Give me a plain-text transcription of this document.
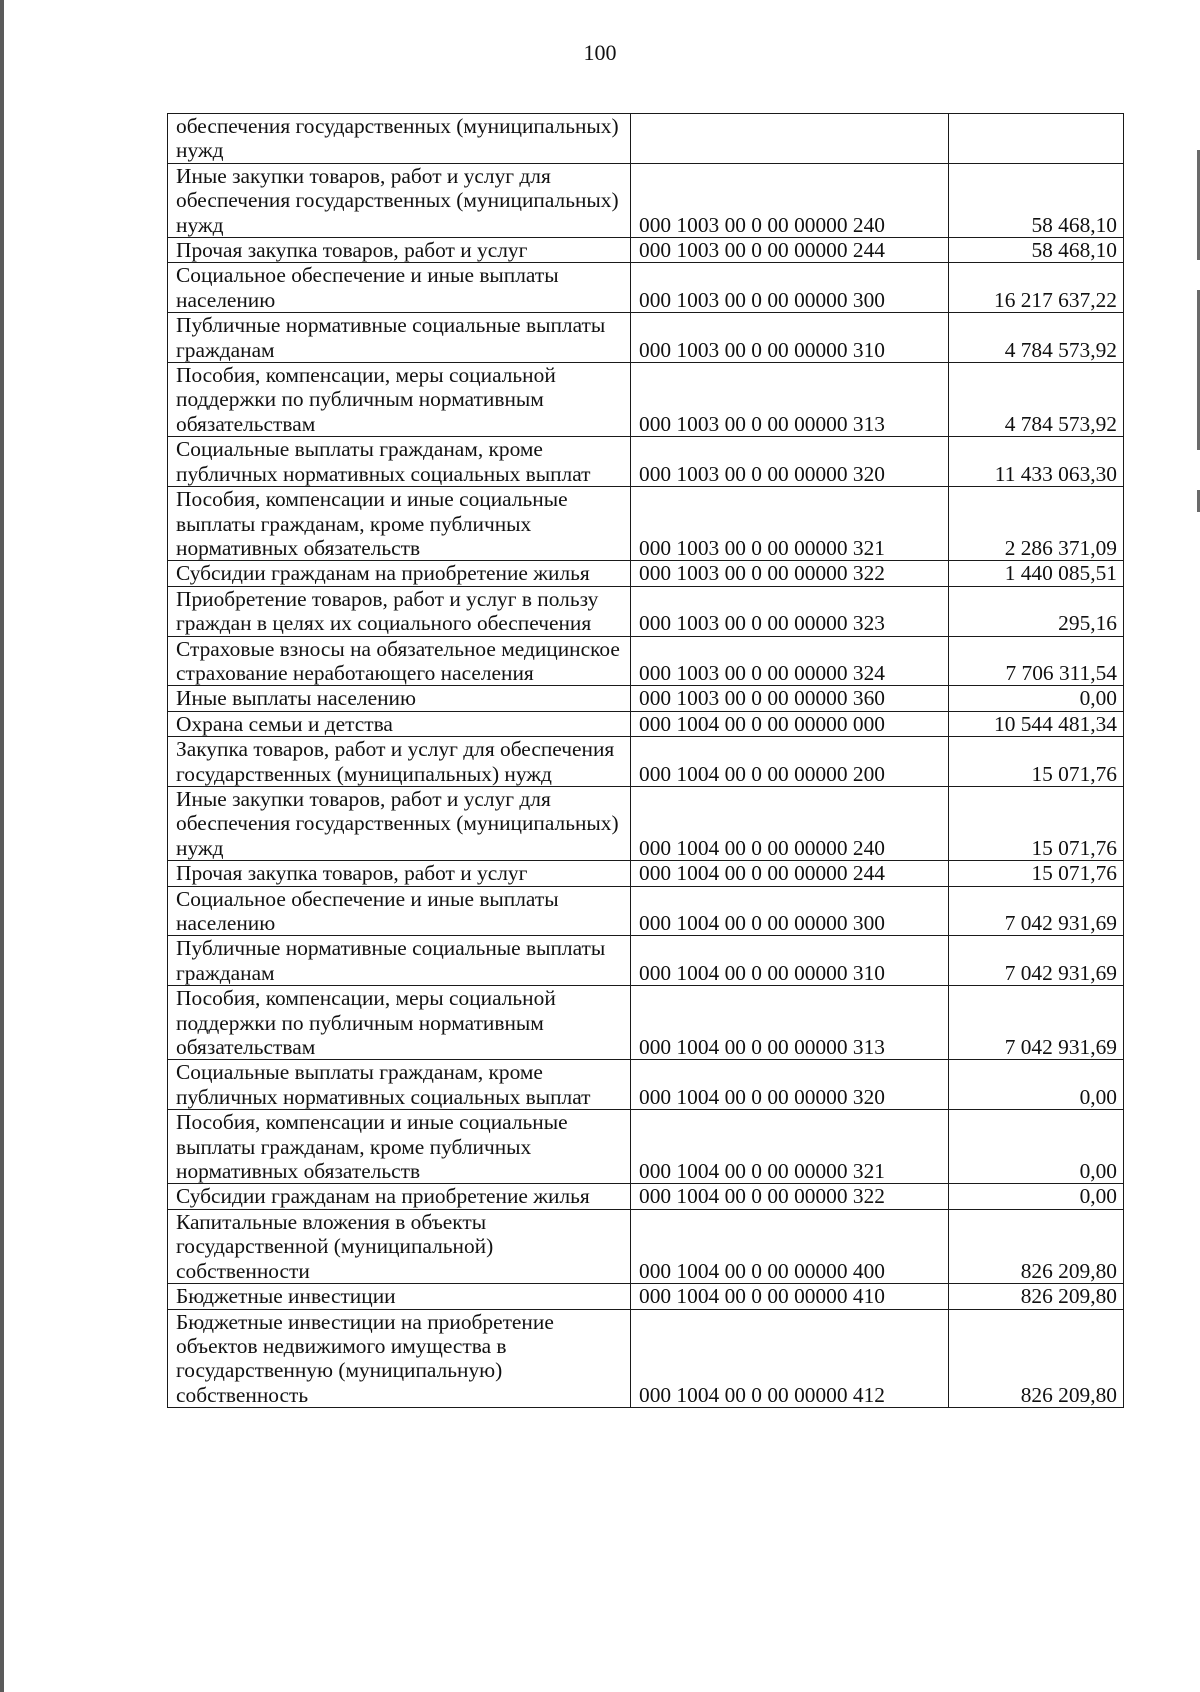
100
обеспечения государственных (муниципальных) нужд		
Иные закупки товаров, работ и услуг для обеспечения государственных (муниципальных) нужд	000 1003 00 0 00 00000 240	58 468,10
Прочая закупка товаров, работ и услуг	000 1003 00 0 00 00000 244	58 468,10
Социальное обеспечение и иные выплаты населению	000 1003 00 0 00 00000 300	16 217 637,22
Публичные нормативные социальные выплаты гражданам	000 1003 00 0 00 00000 310	4 784 573,92
Пособия, компенсации, меры социальной поддержки по публичным нормативным обязательствам	000 1003 00 0 00 00000 313	4 784 573,92
Социальные выплаты гражданам, кроме публичных нормативных социальных выплат	000 1003 00 0 00 00000 320	11 433 063,30
Пособия, компенсации и иные социальные выплаты гражданам, кроме публичных нормативных обязательств	000 1003 00 0 00 00000 321	2 286 371,09
Субсидии гражданам на приобретение жилья	000 1003 00 0 00 00000 322	1 440 085,51
Приобретение товаров, работ и услуг в пользу граждан в целях их социального обеспечения	000 1003 00 0 00 00000 323	295,16
Страховые взносы на обязательное медицинское страхование неработающего населения	000 1003 00 0 00 00000 324	7 706 311,54
Иные выплаты населению	000 1003 00 0 00 00000 360	0,00
Охрана семьи и детства	000 1004 00 0 00 00000 000	10 544 481,34
Закупка товаров, работ и услуг для обеспечения государственных (муниципальных) нужд	000 1004 00 0 00 00000 200	15 071,76
Иные закупки товаров, работ и услуг для обеспечения государственных (муниципальных) нужд	000 1004 00 0 00 00000 240	15 071,76
Прочая закупка товаров, работ и услуг	000 1004 00 0 00 00000 244	15 071,76
Социальное обеспечение и иные выплаты населению	000 1004 00 0 00 00000 300	7 042 931,69
Публичные нормативные социальные выплаты гражданам	000 1004 00 0 00 00000 310	7 042 931,69
Пособия, компенсации, меры социальной поддержки по публичным нормативным обязательствам	000 1004 00 0 00 00000 313	7 042 931,69
Социальные выплаты гражданам, кроме публичных нормативных социальных выплат	000 1004 00 0 00 00000 320	0,00
Пособия, компенсации и иные социальные выплаты гражданам, кроме публичных нормативных обязательств	000 1004 00 0 00 00000 321	0,00
Субсидии гражданам на приобретение жилья	000 1004 00 0 00 00000 322	0,00
Капитальные вложения в объекты государственной (муниципальной) собственности	000 1004 00 0 00 00000 400	826 209,80
Бюджетные инвестиции	000 1004 00 0 00 00000 410	826 209,80
Бюджетные инвестиции на приобретение объектов недвижимого имущества в государственную (муниципальную) собственность	000 1004 00 0 00 00000 412	826 209,80
